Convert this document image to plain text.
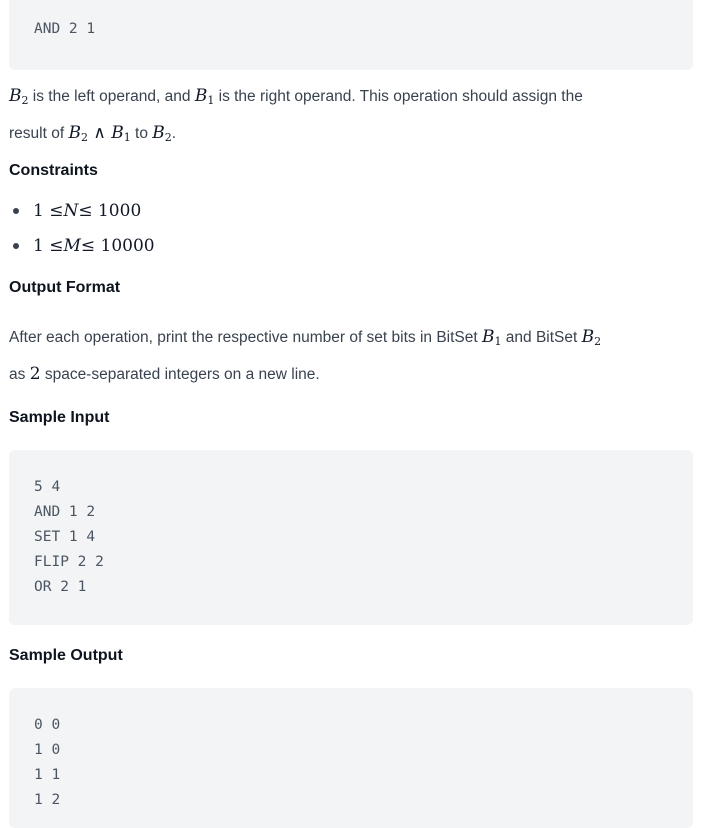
AND 2 1
$B_2$ is the left operand, and $B_1$ is the right operand. This operation should assign the
result of $B_2$ ∧ $B_1$ to $B_2$.
Constraints
1 ≤ N ≤ 1000
1 ≤ M ≤ 10000
Output Format
After each operation, print the respective number of set bits in BitSet $B_1$ and BitSet $B_2$
as 2 space-separated integers on a new line.
Sample Input
5 4
AND 1 2
SET 1 4
FLIP 2 2
OR 2 1
Sample Output
0 0
1 0
1 1
1 2
